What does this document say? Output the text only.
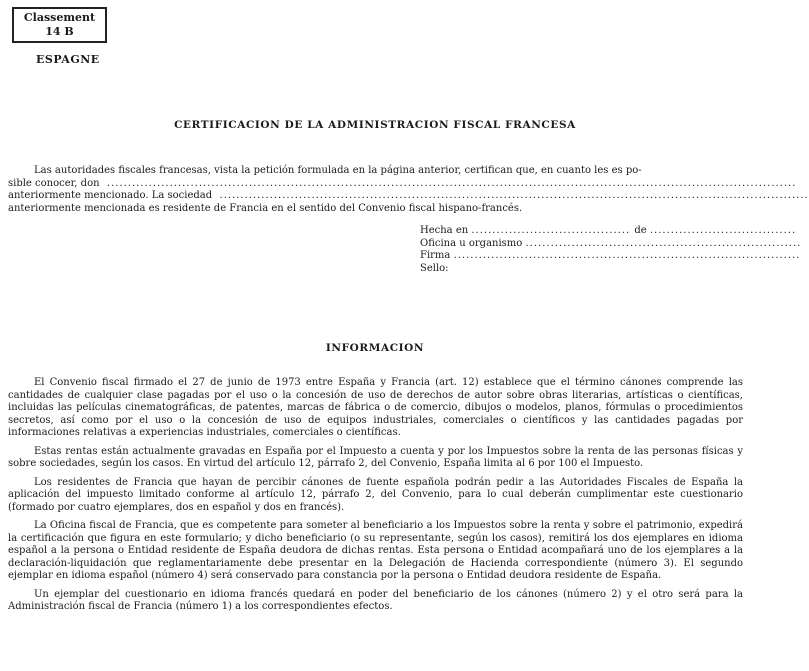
Classement
14 B
ESPAGNE
CERTIFICACION DE LA ADMINISTRACION FISCAL FRANCESA
Las autoridades fiscales francesas, vista la petición formulada en la página anterior, certifican que, en cuanto les es po-
sible conocer, don  .....................................................................................................................................................................
anteriormente mencionado. La sociedad  .............................................................................................................................................
anteriormente mencionada es residente de Francia en el sentido del Convenio fiscal hispano-francés.
Hecha en ...................................... de ...................................
Oficina u organismo ..................................................................
Firma ...................................................................................
Sello:
INFORMACION

El Convenio fiscal firmado el 27 de junio de 1973 entre España y Francia (art. 12) establece que el término cánones comprende las cantidades de cualquier clase pagadas por el uso o la concesión de uso de derechos de autor sobre obras literarias, artísticas o científicas, incluidas las películas cinematográficas, de patentes, marcas de fábrica o de comercio, dibujos o modelos, planos, fórmulas o procedimientos secretos, así como por el uso o la concesión de uso de equipos industriales, comerciales o científicos y las cantidades pagadas por informaciones relativas a experiencias industriales, comerciales o científicas.

Estas rentas están actualmente gravadas en España por el Impuesto a cuenta y por los Impuestos sobre la renta de las personas físicas y sobre sociedades, según los casos. En virtud del artículo 12, párrafo 2, del Convenio, España limita al 6 por 100 el Impuesto.

Los residentes de Francia que hayan de percibir cánones de fuente española podrán pedir a las Autoridades Fiscales de España la aplicación del impuesto limitado conforme al artículo 12, párrafo 2, del Convenio, para lo cual deberán cumplimentar este cuestionario (formado por cuatro ejemplares, dos en español y dos en francés).

La Oficina fiscal de Francia, que es competente para someter al beneficiario a los Impuestos sobre la renta y sobre el patrimonio, expedirá la certificación que figura en este formulario; y dicho beneficiario (o su representante, según los casos), remitirá los dos ejemplares en idioma español a la persona o Entidad residente de España deudora de dichas rentas. Esta persona o Entidad acompañará uno de los ejemplares a la declaración-liquidación que reglamentariamente debe presentar en la Delegación de Hacienda correspondiente (número 3). El segundo ejemplar en idioma español (número 4) será conservado para constancia por la persona o Entidad deudora residente de España.

Un ejemplar del cuestionario en idioma francés quedará en poder del beneficiario de los cánones (número 2) y el otro será para la Administración fiscal de Francia (número 1) a los correspondientes efectos.
